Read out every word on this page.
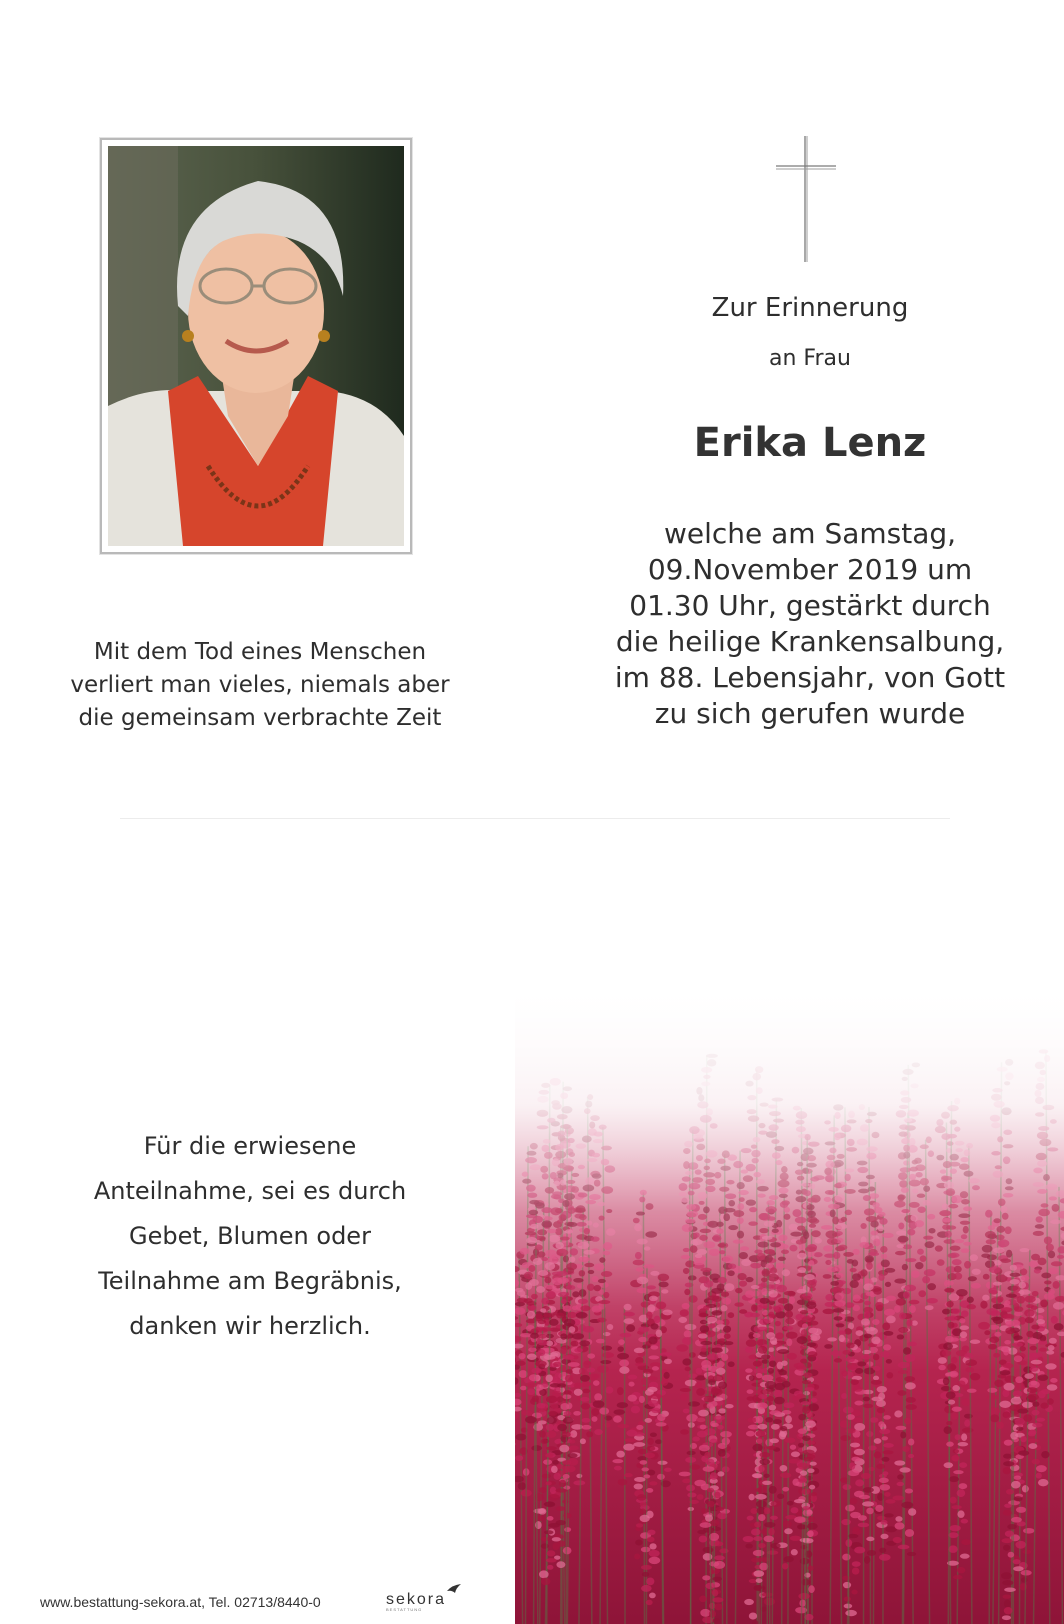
Zur Erinnerung
an Frau
Erika Lenz
welche am Samstag,
09.November 2019 um
01.30 Uhr, gestärkt durch
die heilige Krankensalbung,
im 88. Lebensjahr, von Gott
zu sich gerufen wurde
Mit dem Tod eines Menschen
verliert man vieles, niemals aber
die gemeinsam verbrachte Zeit
Für die erwiesene
Anteilnahme, sei es durch
Gebet, Blumen oder
Teilnahme am Begräbnis,
danken wir herzlich.
www.bestattung-sekora.at, Tel. 02713/8440-0	sekora
BESTATTUNG
